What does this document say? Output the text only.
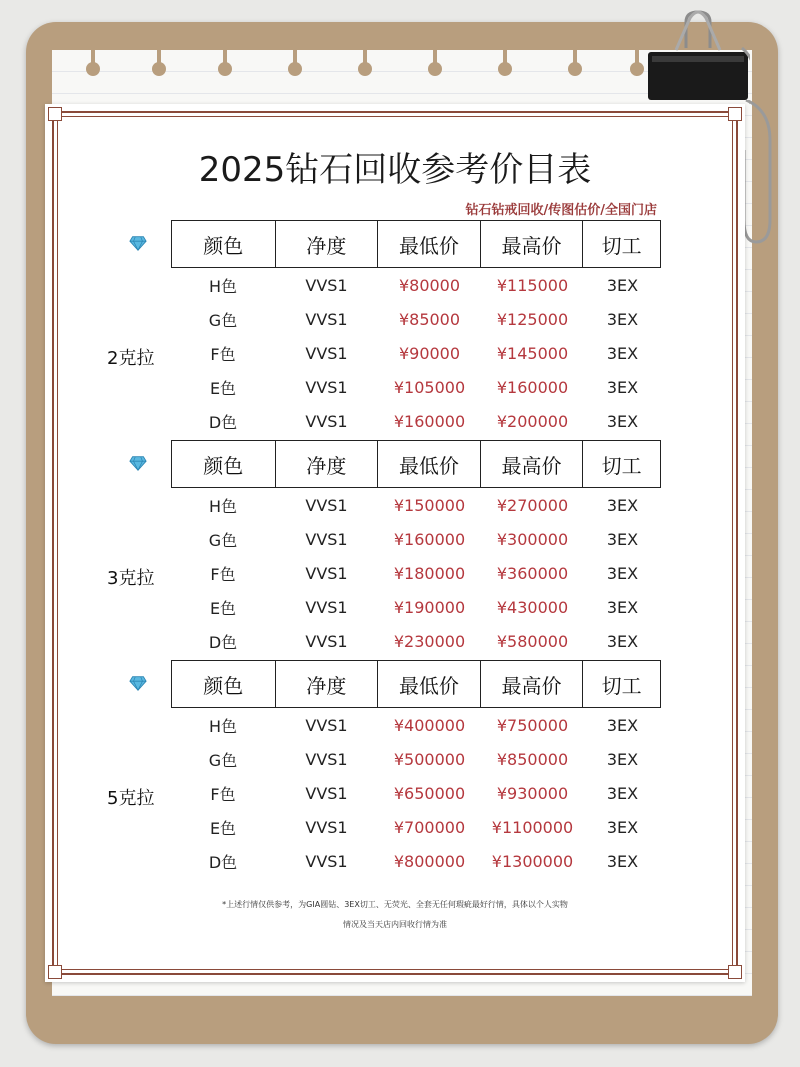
2025钻石回收参考价目表
钻石钻戒回收/传图估价/全国门店
颜色	净度	最低价	最高价	切工
2克拉
H色	VVS1	¥80000	¥115000	3EX
G色	VVS1	¥85000	¥125000	3EX
F色	VVS1	¥90000	¥145000	3EX
E色	VVS1	¥105000	¥160000	3EX
D色	VVS1	¥160000	¥200000	3EX
颜色	净度	最低价	最高价	切工
3克拉
H色	VVS1	¥150000	¥270000	3EX
G色	VVS1	¥160000	¥300000	3EX
F色	VVS1	¥180000	¥360000	3EX
E色	VVS1	¥190000	¥430000	3EX
D色	VVS1	¥230000	¥580000	3EX
颜色	净度	最低价	最高价	切工
5克拉
H色	VVS1	¥400000	¥750000	3EX
G色	VVS1	¥500000	¥850000	3EX
F色	VVS1	¥650000	¥930000	3EX
E色	VVS1	¥700000	¥1100000	3EX
D色	VVS1	¥800000	¥1300000	3EX
*上述行情仅供参考，为GIA圆钻、3EX切工、无荧光、全套无任何瑕疵最好行情，具体以个人实物
情况及当天店内回收行情为准
